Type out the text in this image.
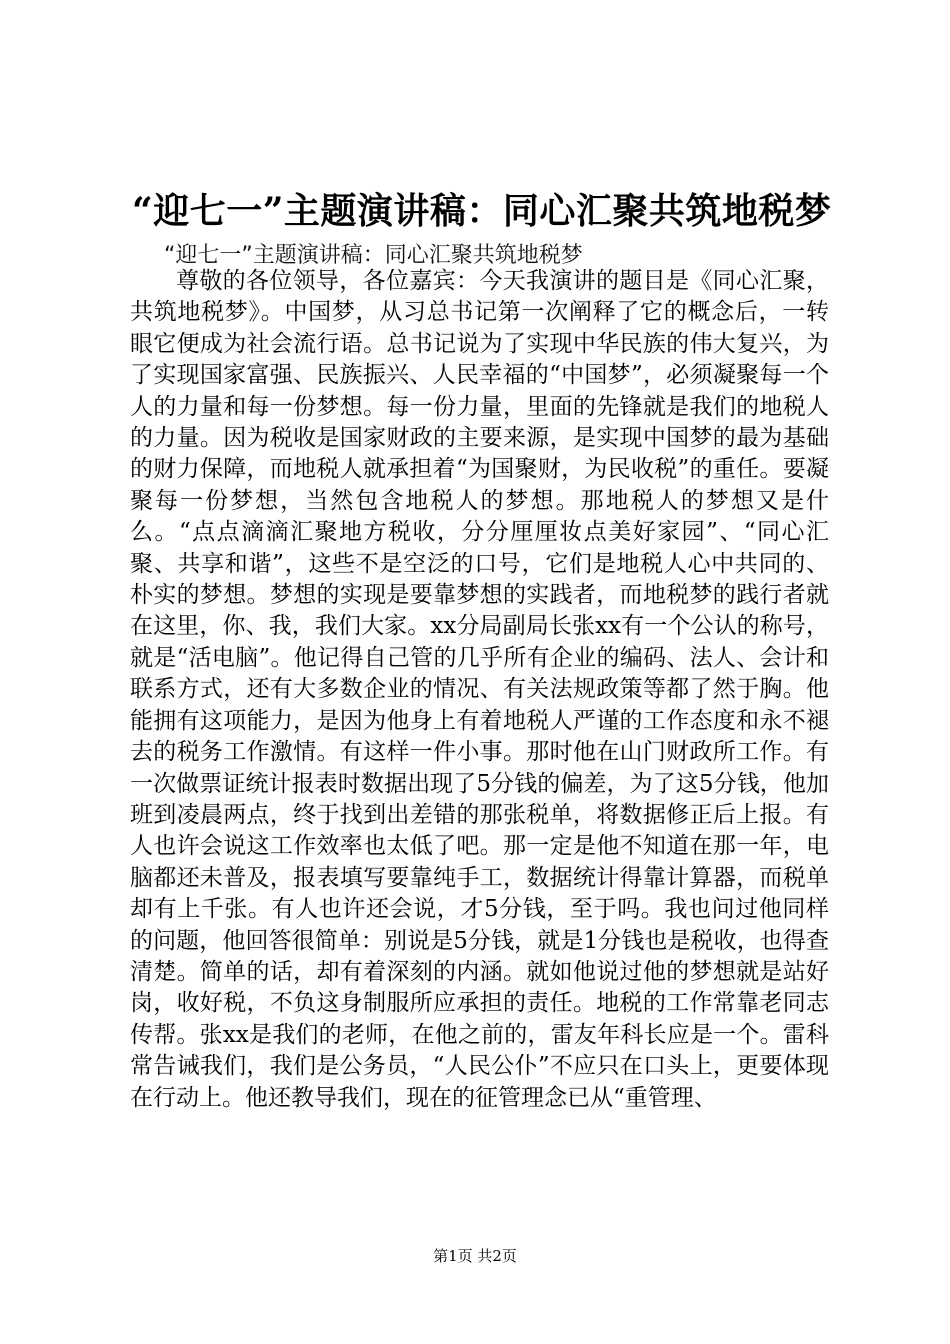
“迎七一”主题演讲稿：同心汇聚共筑地税梦
“迎七一”主题演讲稿：同心汇聚共筑地税梦

尊敬的各位领导，各位嘉宾：今天我演讲的题目是《同心汇聚，共筑地税梦》。中国梦，从习总书记第一次阐释了它的概念后，一转眼它便成为社会流行语。总书记说为了实现中华民族的伟大复兴，为了实现国家富强、民族振兴、人民幸福的“中国梦”，必须凝聚每一个人的力量和每一份梦想。每一份力量，里面的先锋就是我们的地税人的力量。因为税收是国家财政的主要来源，是实现中国梦的最为基础的财力保障，而地税人就承担着“为国聚财，为民收税”的重任。要凝聚每一份梦想，当然包含地税人的梦想。那地税人的梦想又是什么。“点点滴滴汇聚地方税收，分分厘厘妆点美好家园”、“同心汇聚、共享和谐”，这些不是空泛的口号，它们是地税人心中共同的、朴实的梦想。梦想的实现是要靠梦想的实践者，而地税梦的践行者就在这里，你、我，我们大家。xx分局副局长张xx有一个公认的称号，就是“活电脑”。他记得自己管的几乎所有企业的编码、法人、会计和联系方式，还有大多数企业的情况、有关法规政策等都了然于胸。他能拥有这项能力，是因为他身上有着地税人严谨的工作态度和永不褪去的税务工作激情。有这样一件小事。那时他在山门财政所工作。有一次做票证统计报表时数据出现了5分钱的偏差，为了这5分钱，他加班到凌晨两点，终于找到出差错的那张税单，将数据修正后上报。有人也许会说这工作效率也太低了吧。那一定是他不知道在那一年，电脑都还未普及，报表填写要靠纯手工，数据统计得靠计算器，而税单却有上千张。有人也许还会说，才5分钱，至于吗。我也问过他同样的问题，他回答很简单：别说是5分钱，就是1分钱也是税收，也得查清楚。简单的话，却有着深刻的内涵。就如他说过他的梦想就是站好岗，收好税，不负这身制服所应承担的责任。地税的工作常靠老同志传帮。张xx是我们的老师，在他之前的，雷友年科长应是一个。雷科常告诫我们，我们是公务员，“人民公仆”不应只在口头上，更要体现在行动上。他还教导我们，现在的征管理念已从“重管理、

第1页 共2页
